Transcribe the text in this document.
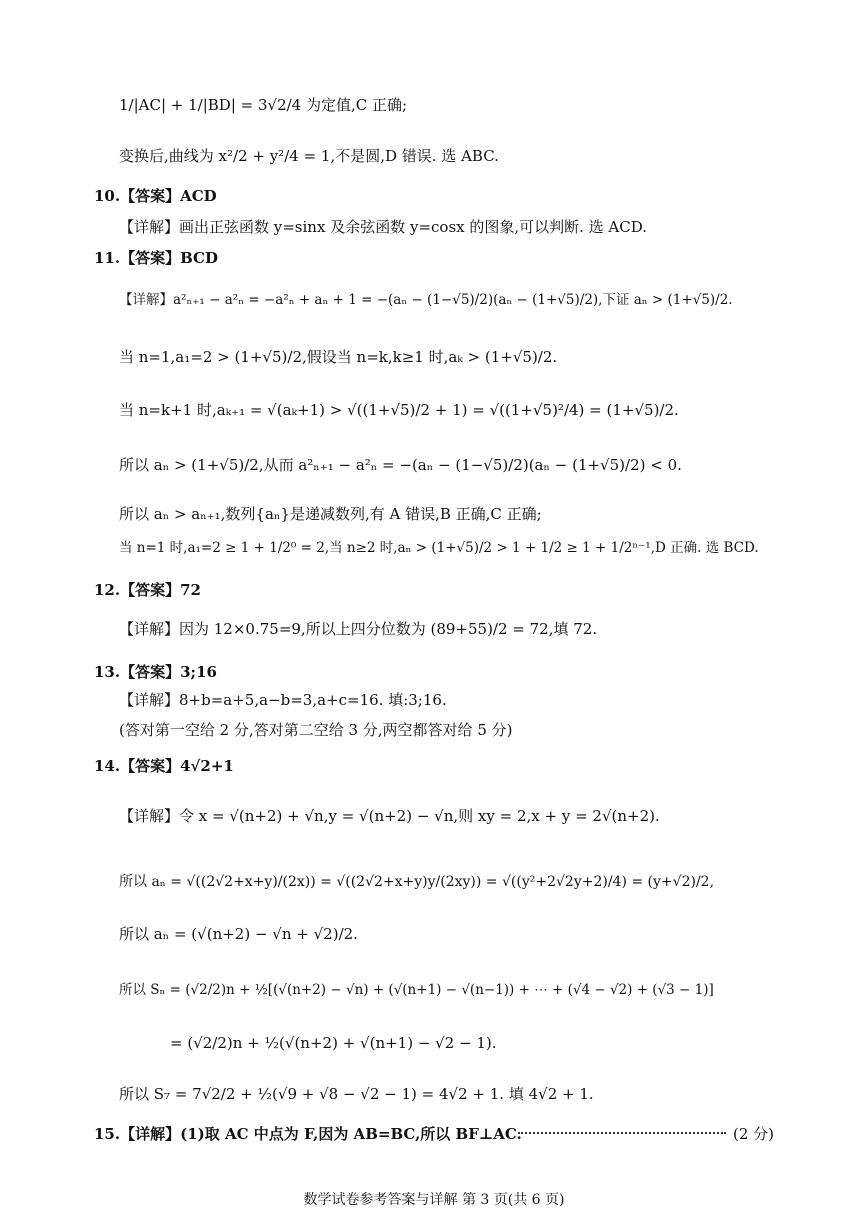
1/|AC| + 1/|BD| = 3√2/4 为定值,C 正确;
变换后,曲线为 x²/2 + y²/4 = 1,不是圆,D 错误. 选 ABC.
10.【答案】ACD
【详解】画出正弦函数 y=sinx 及余弦函数 y=cosx 的图象,可以判断. 选 ACD.
11.【答案】BCD
【详解】a²ₙ₊₁ − a²ₙ = −a²ₙ + aₙ + 1 = −(aₙ − (1−√5)/2)(aₙ − (1+√5)/2),下证 aₙ > (1+√5)/2.
当 n=1,a₁=2 > (1+√5)/2,假设当 n=k,k≥1 时,aₖ > (1+√5)/2.
当 n=k+1 时,aₖ₊₁ = √(aₖ+1) > √((1+√5)/2 + 1) = √((1+√5)²/4) = (1+√5)/2.
所以 aₙ > (1+√5)/2,从而 a²ₙ₊₁ − a²ₙ = −(aₙ − (1−√5)/2)(aₙ − (1+√5)/2) < 0.
所以 aₙ > aₙ₊₁,数列{aₙ}是递减数列,有 A 错误,B 正确,C 正确;
当 n=1 时,a₁=2 ≥ 1 + 1/2⁰ = 2,当 n≥2 时,aₙ > (1+√5)/2 > 1 + 1/2 ≥ 1 + 1/2ⁿ⁻¹,D 正确. 选 BCD.
12.【答案】72
【详解】因为 12×0.75=9,所以上四分位数为 (89+55)/2 = 72,填 72.
13.【答案】3;16
【详解】8+b=a+5,a−b=3,a+c=16. 填:3;16.
(答对第一空给 2 分,答对第二空给 3 分,两空都答对给 5 分)
14.【答案】4√2+1
【详解】令 x = √(n+2) + √n,y = √(n+2) − √n,则 xy = 2,x + y = 2√(n+2).
所以 aₙ = √((2√2+x+y)/(2x)) = √((2√2+x+y)y/(2xy)) = √((y²+2√2y+2)/4) = (y+√2)/2,
所以 aₙ = (√(n+2) − √n + √2)/2.
所以 Sₙ = (√2/2)n + ½[(√(n+2) − √n) + (√(n+1) − √(n−1)) + ⋯ + (√4 − √2) + (√3 − 1)]
= (√2/2)n + ½(√(n+2) + √(n+1) − √2 − 1).
所以 S₇ = 7√2/2 + ½(√9 + √8 − √2 − 1) = 4√2 + 1. 填 4√2 + 1.
15.【详解】(1)取 AC 中点为 F,因为 AB=BC,所以 BF⊥AC.	(2 分)
数学试卷参考答案与详解 第 3 页(共 6 页)
